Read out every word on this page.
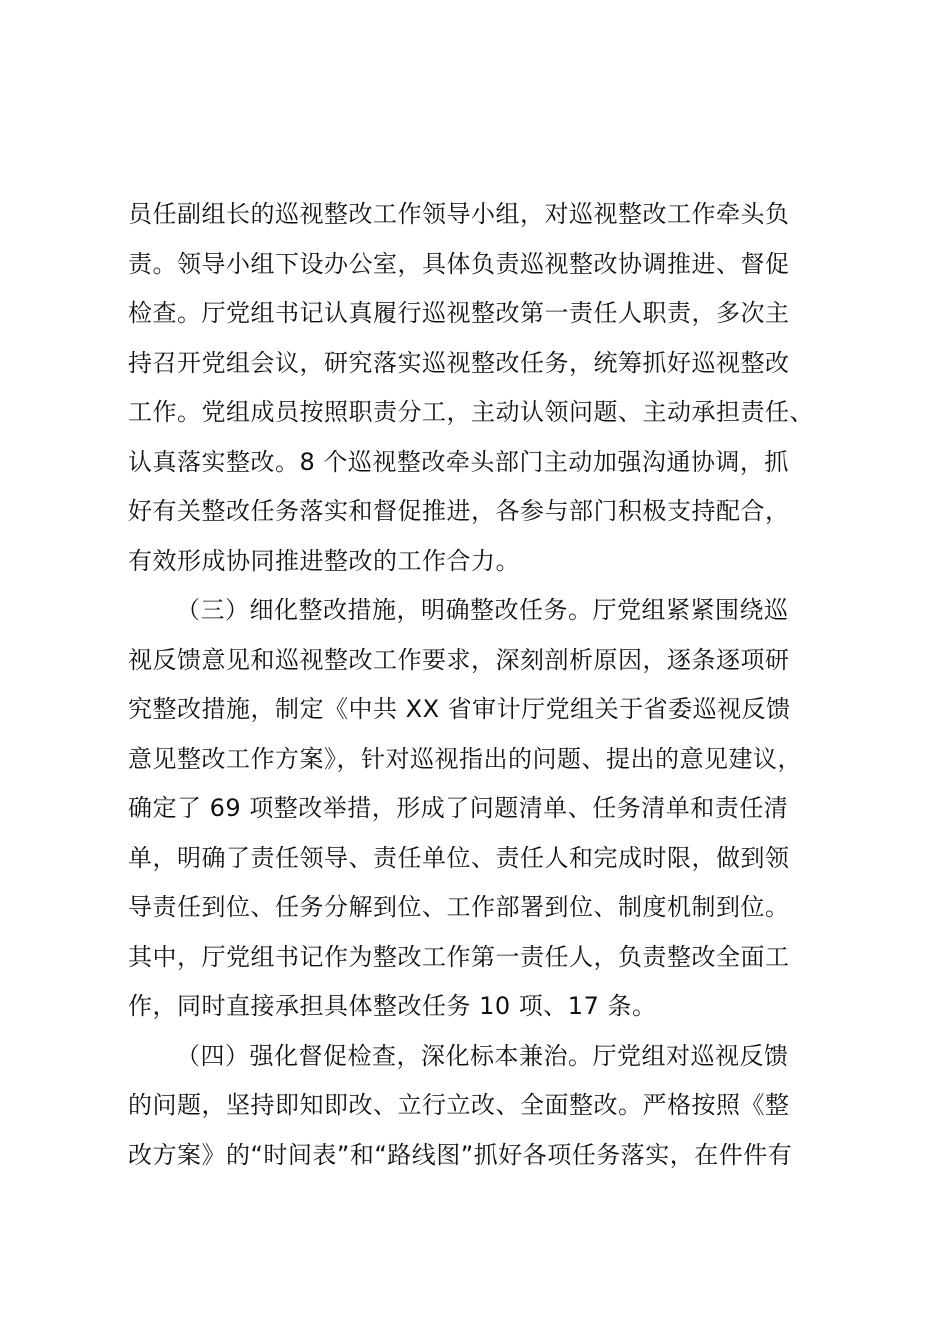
员任副组长的巡视整改工作领导小组，对巡视整改工作牵头负
责。领导小组下设办公室，具体负责巡视整改协调推进、督促
检查。厅党组书记认真履行巡视整改第一责任人职责，多次主
持召开党组会议，研究落实巡视整改任务，统筹抓好巡视整改
工作。党组成员按照职责分工，主动认领问题、主动承担责任、
认真落实整改。8 个巡视整改牵头部门主动加强沟通协调，抓
好有关整改任务落实和督促推进，各参与部门积极支持配合，
有效形成协同推进整改的工作合力。
（三）细化整改措施，明确整改任务。厅党组紧紧围绕巡
视反馈意见和巡视整改工作要求，深刻剖析原因，逐条逐项研
究整改措施，制定《中共 XX 省审计厅党组关于省委巡视反馈
意见整改工作方案》，针对巡视指出的问题、提出的意见建议，
确定了 69 项整改举措，形成了问题清单、任务清单和责任清
单，明确了责任领导、责任单位、责任人和完成时限，做到领
导责任到位、任务分解到位、工作部署到位、制度机制到位。
其中，厅党组书记作为整改工作第一责任人，负责整改全面工
作，同时直接承担具体整改任务 10 项、17 条。
（四）强化督促检查，深化标本兼治。厅党组对巡视反馈
的问题，坚持即知即改、立行立改、全面整改。严格按照《整
改方案》的“时间表”和“路线图”抓好各项任务落实，在件件有
